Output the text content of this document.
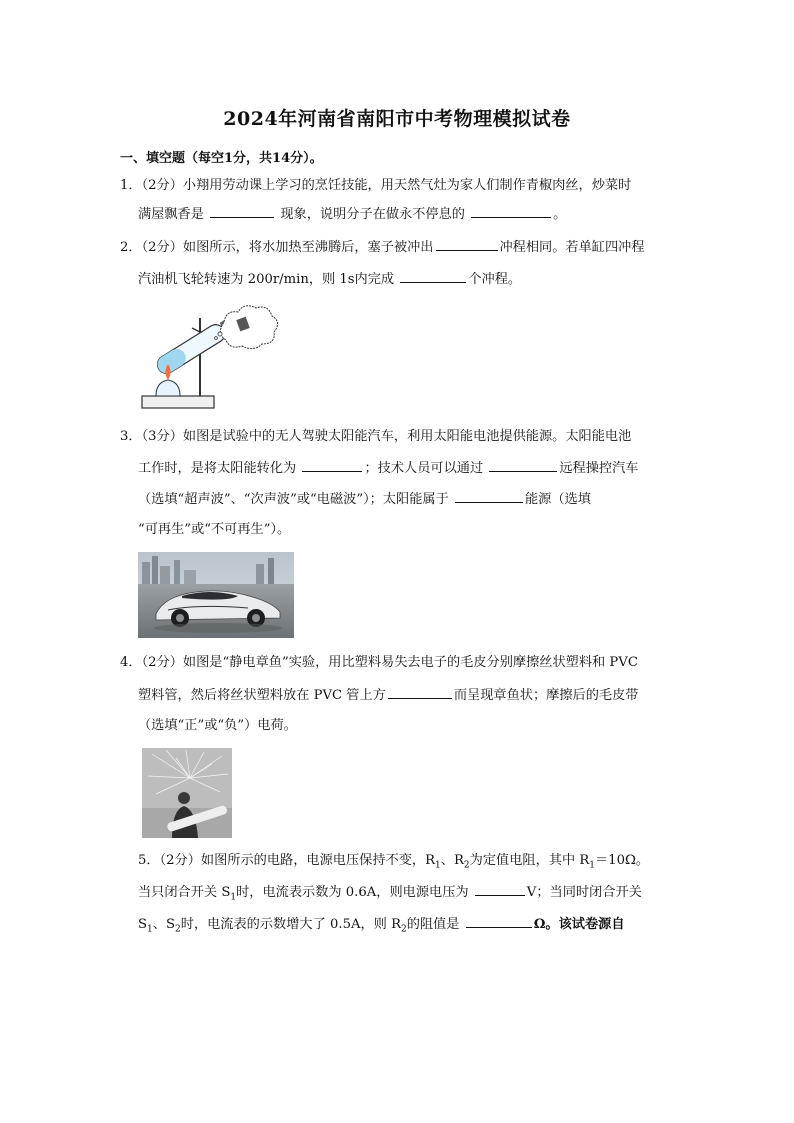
2024年河南省南阳市中考物理模拟试卷
一、填空题（每空1分，共14分）。
1．（2分）小翔用劳动课上学习的烹饪技能，用天然气灶为家人们制作青椒肉丝，炒菜时
满屋飘香是	现象，说明分子在做永不停息的	。
2．（2分）如图所示，将水加热至沸腾后，塞子被冲出	冲程相同。若单缸四冲程
汽油机飞轮转速为 200r/min，则 1s内完成	个冲程。
3．（3分）如图是试验中的无人驾驶太阳能汽车，利用太阳能电池提供能源。太阳能电池
工作时，是将太阳能转化为	；技术人员可以通过	远程操控汽车
（选填“超声波”、“次声波”或“电磁波”）；太阳能属于	能源（选填
“可再生”或“不可再生”）。
4．（2分）如图是“静电章鱼”实验，用比塑料易失去电子的毛皮分别摩擦丝状塑料和 PVC
塑料管，然后将丝状塑料放在 PVC 管上方	而呈现章鱼状；摩擦后的毛皮带
（选填“正”或“负”）电荷。
5．（2分）如图所示的电路，电源电压保持不变，$R_1$、$R_2$为定值电阻，其中 $R_1=10\Omega$。
当只闭合开关 $S_1$时，电流表示数为 0.6A，则电源电压为	V；当同时闭合开关
$S_1$、$S_2$时，电流表的示数增大了 0.5A，则 $R_2$的阻值是	Ω。该试卷源自
